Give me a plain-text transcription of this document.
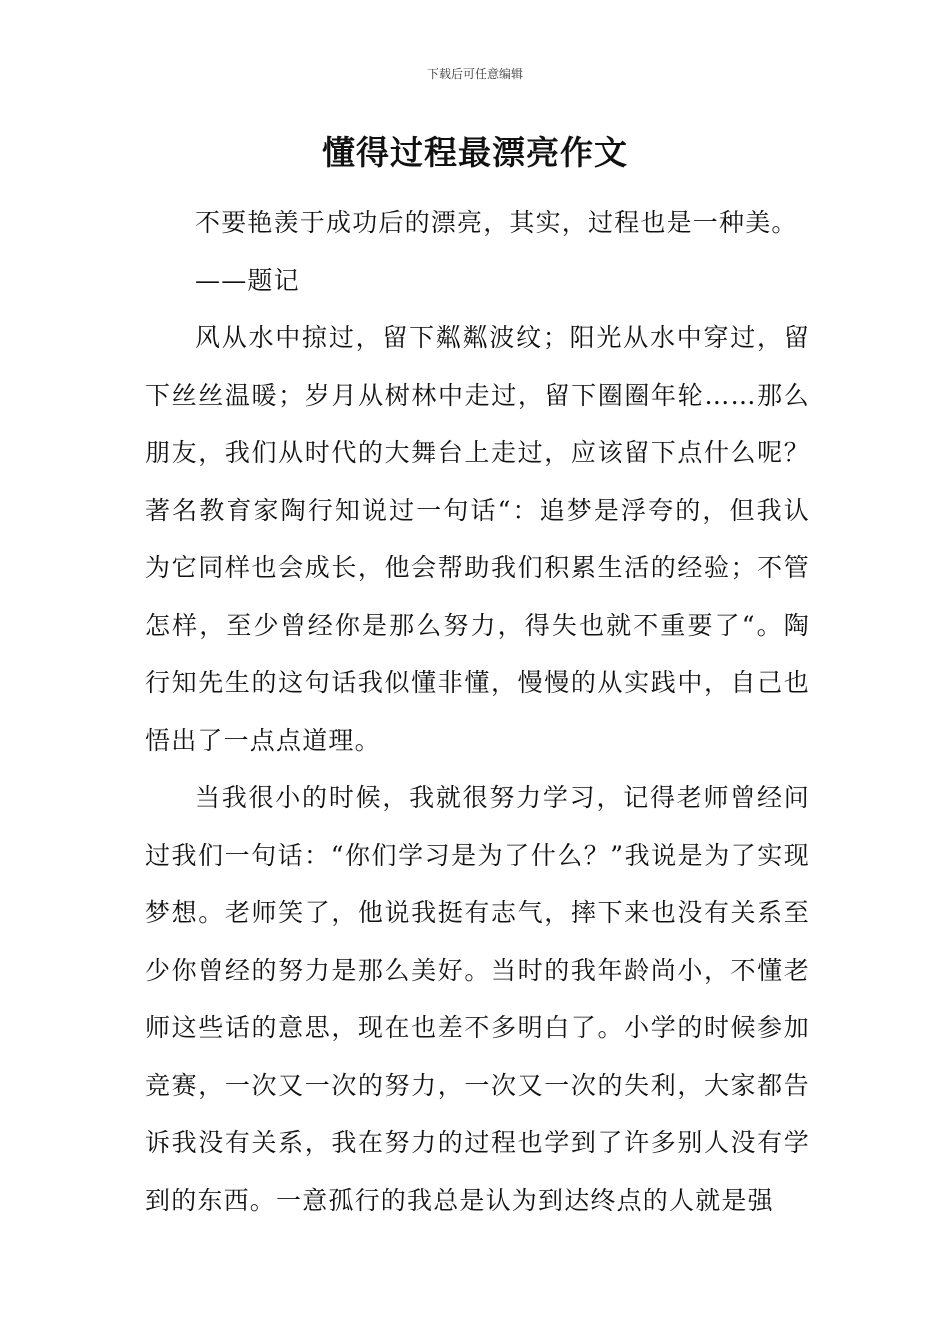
下载后可任意编辑
懂得过程最漂亮作文

不要艳羡于成功后的漂亮，其实，过程也是一种美。

——题记

风从水中掠过，留下粼粼波纹；阳光从水中穿过，留下丝丝温暖；岁月从树林中走过，留下圈圈年轮……那么朋友，我们从时代的大舞台上走过，应该留下点什么呢？著名教育家陶行知说过一句话“：追梦是浮夸的，但我认为它同样也会成长，他会帮助我们积累生活的经验；不管怎样，至少曾经你是那么努力，得失也就不重要了“。陶行知先生的这句话我似懂非懂，慢慢的从实践中，自己也悟出了一点点道理。

当我很小的时候，我就很努力学习，记得老师曾经问过我们一句话：“你们学习是为了什么？”我说是为了实现梦想。老师笑了，他说我挺有志气，摔下来也没有关系至少你曾经的努力是那么美好。当时的我年龄尚小，不懂老师这些话的意思，现在也差不多明白了。小学的时候参加竞赛，一次又一次的努力，一次又一次的失利，大家都告诉我没有关系，我在努力的过程也学到了许多别人没有学到的东西。一意孤行的我总是认为到达终点的人就是强
